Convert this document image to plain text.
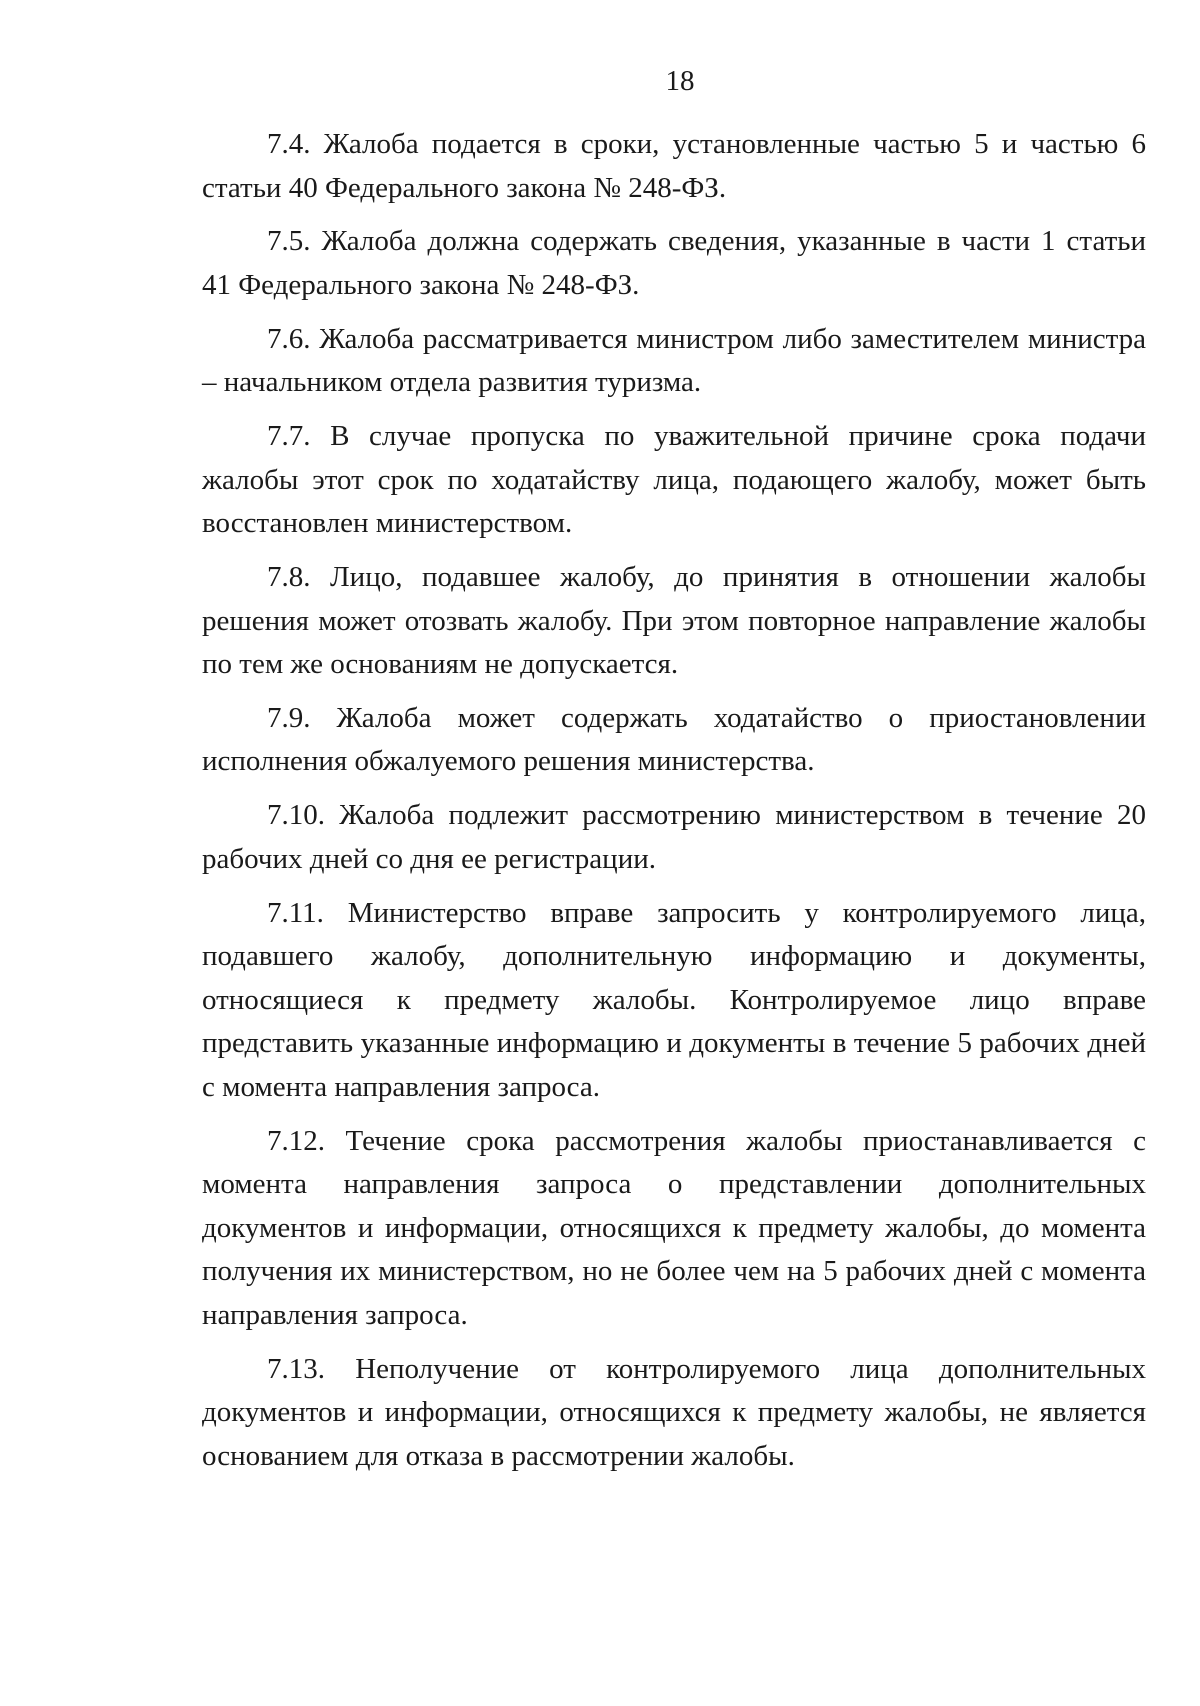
18

7.4. Жалоба подается в сроки, установленные частью 5 и частью 6 статьи 40 Федерального закона № 248-ФЗ.

7.5. Жалоба должна содержать сведения, указанные в части 1 статьи 41 Федерального закона № 248-ФЗ.

7.6. Жалоба рассматривается министром либо заместителем министра – начальником отдела развития туризма.

7.7. В случае пропуска по уважительной причине срока подачи жалобы этот срок по ходатайству лица, подающего жалобу, может быть восстановлен министерством.

7.8. Лицо, подавшее жалобу, до принятия в отношении жалобы решения может отозвать жалобу. При этом повторное направление жалобы по тем же основаниям не допускается.

7.9. Жалоба может содержать ходатайство о приостановлении исполнения обжалуемого решения министерства.

7.10. Жалоба подлежит рассмотрению министерством в течение 20 рабочих дней со дня ее регистрации.

7.11. Министерство вправе запросить у контролируемого лица, подавшего жалобу, дополнительную информацию и документы, относящиеся к предмету жалобы. Контролируемое лицо вправе представить указанные информацию и документы в течение 5 рабочих дней с момента направления запроса.

7.12. Течение срока рассмотрения жалобы приостанавливается с момента направления запроса о представлении дополнительных документов и информации, относящихся к предмету жалобы, до момента получения их министерством, но не более чем на 5 рабочих дней с момента направления запроса.

7.13. Неполучение от контролируемого лица дополнительных документов и информации, относящихся к предмету жалобы, не является основанием для отказа в рассмотрении жалобы.
